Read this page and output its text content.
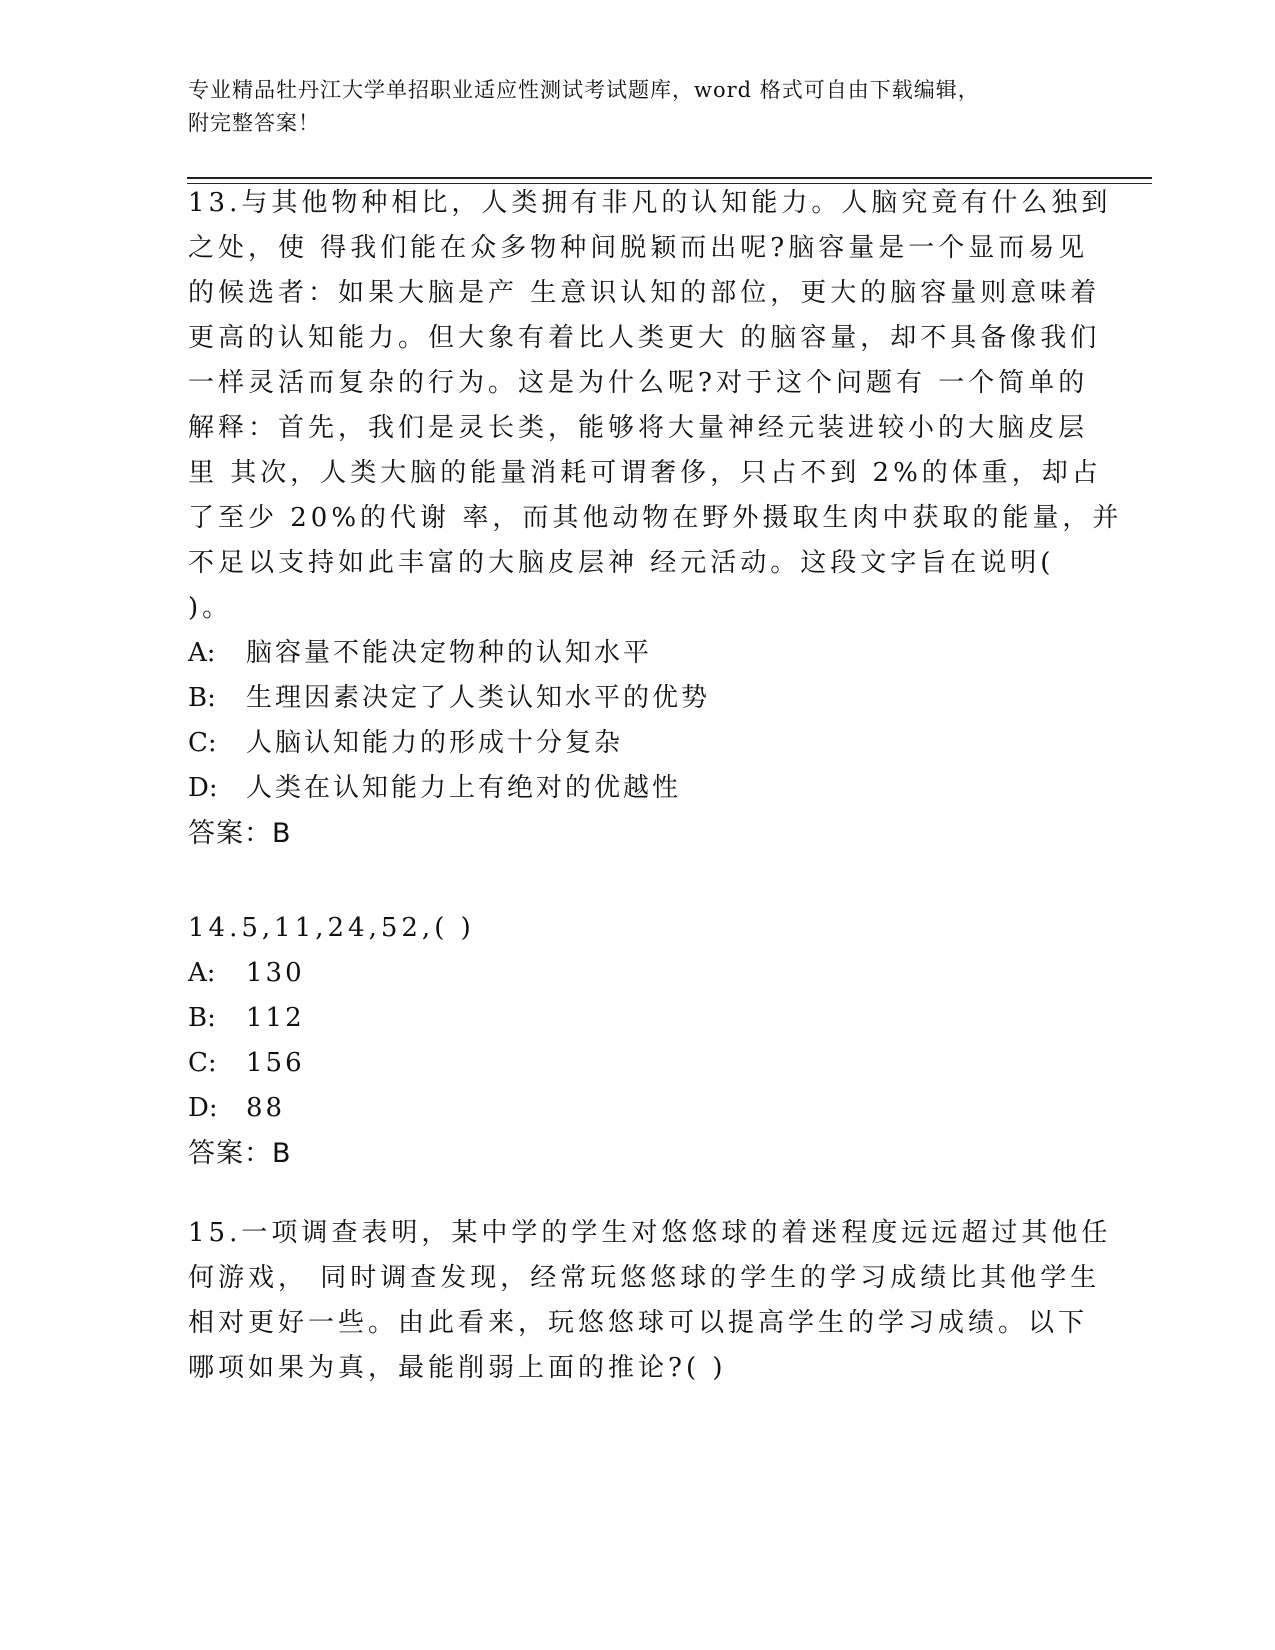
专业精品牡丹江大学单招职业适应性测试考试题库，word 格式可自由下载编辑，
附完整答案！
13.与其他物种相比，人类拥有非凡的认知能力。人脑究竟有什么独到
之处，使 得我们能在众多物种间脱颖而出呢?脑容量是一个显而易见
的候选者：如果大脑是产 生意识认知的部位，更大的脑容量则意味着
更高的认知能力。但大象有着比人类更大 的脑容量，却不具备像我们
一样灵活而复杂的行为。这是为什么呢?对于这个问题有 一个简单的
解释：首先，我们是灵长类，能够将大量神经元装进较小的大脑皮层
里 其次，人类大脑的能量消耗可谓奢侈，只占不到 2%的体重，却占
了至少 20%的代谢 率，而其他动物在野外摄取生肉中获取的能量，并
不足以支持如此丰富的大脑皮层神 经元活动。这段文字旨在说明(
)。

A: 脑容量不能决定物种的认知水平

B: 生理因素决定了人类认知水平的优势

C: 人脑认知能力的形成十分复杂

D: 人类在认知能力上有绝对的优越性

答案：B

14.5,11,24,52,( )

A: 130

B: 112

C: 156

D: 88

答案：B

15.一项调查表明，某中学的学生对悠悠球的着迷程度远远超过其他任
何游戏， 同时调查发现，经常玩悠悠球的学生的学习成绩比其他学生
相对更好一些。由此看来，玩悠悠球可以提高学生的学习成绩。以下
哪项如果为真，最能削弱上面的推论?( )
